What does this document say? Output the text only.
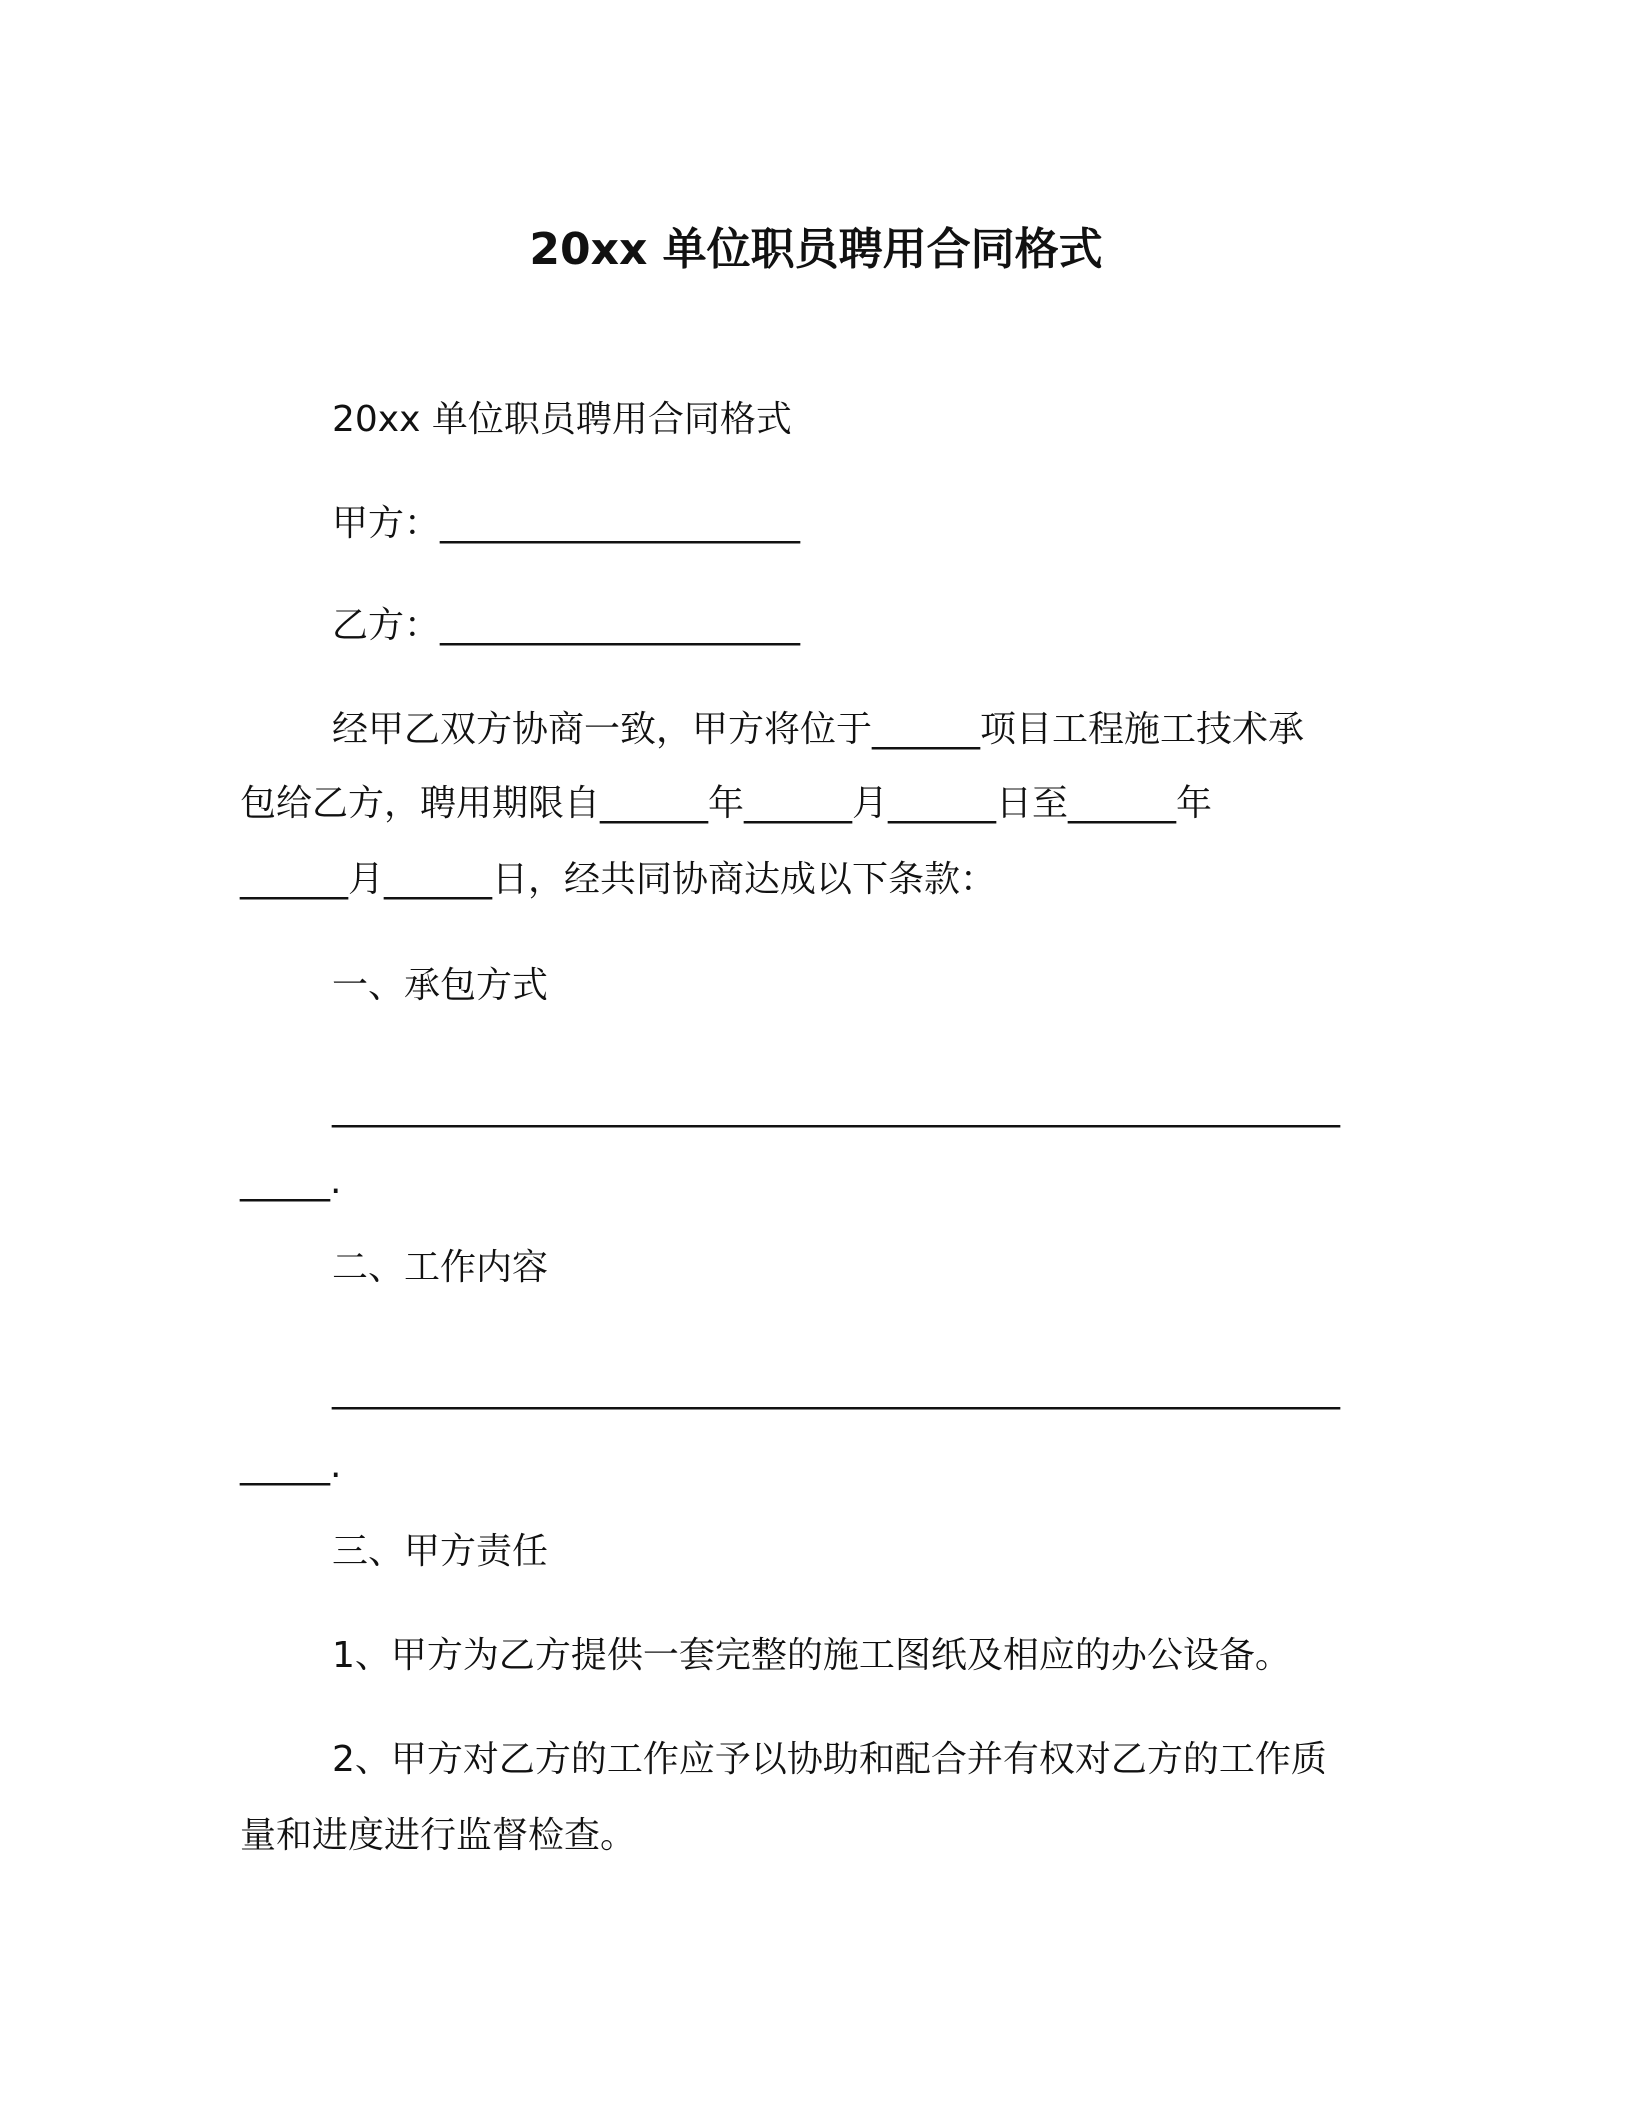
20xx 单位职员聘用合同格式
20xx 单位职员聘用合同格式
甲方：____________________
乙方：____________________
经甲乙双方协商一致，甲方将位于______项目工程施工技术承
包给乙方，聘用期限自______年______月______日至______年
______月______日，经共同协商达成以下条款：
一、承包方式
________________________________________________________
_____.
二、工作内容
________________________________________________________
_____.
三、甲方责任
1、甲方为乙方提供一套完整的施工图纸及相应的办公设备。
2、甲方对乙方的工作应予以协助和配合并有权对乙方的工作质
量和进度进行监督检查。
